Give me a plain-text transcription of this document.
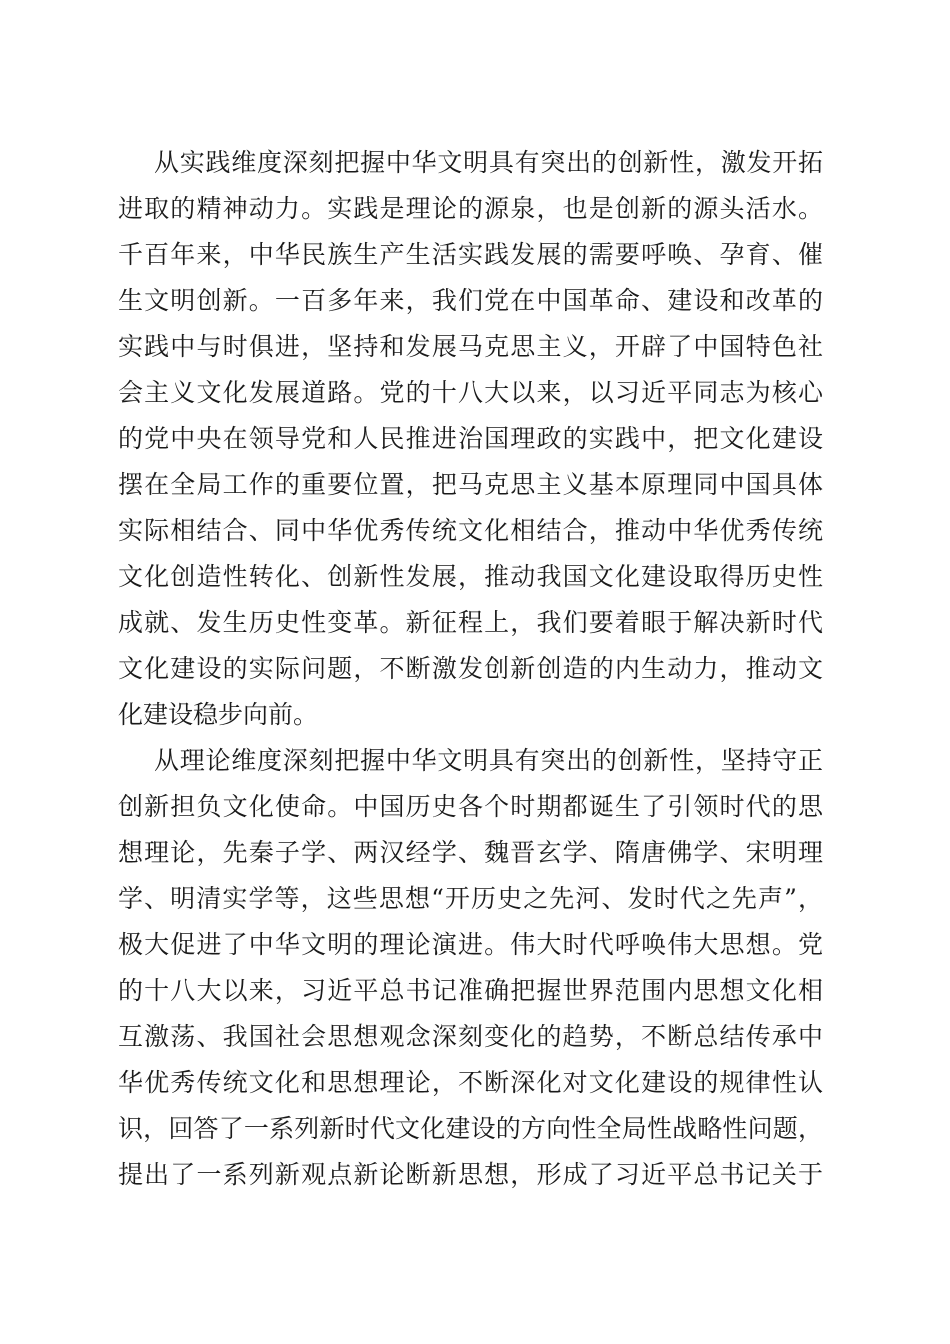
从实践维度深刻把握中华文明具有突出的创新性，激发开拓
进取的精神动力。实践是理论的源泉，也是创新的源头活水。
千百年来，中华民族生产生活实践发展的需要呼唤、孕育、催
生文明创新。一百多年来，我们党在中国革命、建设和改革的
实践中与时俱进，坚持和发展马克思主义，开辟了中国特色社
会主义文化发展道路。党的十八大以来，以习近平同志为核心
的党中央在领导党和人民推进治国理政的实践中，把文化建设
摆在全局工作的重要位置，把马克思主义基本原理同中国具体
实际相结合、同中华优秀传统文化相结合，推动中华优秀传统
文化创造性转化、创新性发展，推动我国文化建设取得历史性
成就、发生历史性变革。新征程上，我们要着眼于解决新时代
文化建设的实际问题，不断激发创新创造的内生动力，推动文
化建设稳步向前。
从理论维度深刻把握中华文明具有突出的创新性，坚持守正
创新担负文化使命。中国历史各个时期都诞生了引领时代的思
想理论，先秦子学、两汉经学、魏晋玄学、隋唐佛学、宋明理
学、明清实学等，这些思想“开历史之先河、发时代之先声”，
极大促进了中华文明的理论演进。伟大时代呼唤伟大思想。党
的十八大以来，习近平总书记准确把握世界范围内思想文化相
互激荡、我国社会思想观念深刻变化的趋势，不断总结传承中
华优秀传统文化和思想理论，不断深化对文化建设的规律性认
识，回答了一系列新时代文化建设的方向性全局性战略性问题，
提出了一系列新观点新论断新思想，形成了习近平总书记关于
